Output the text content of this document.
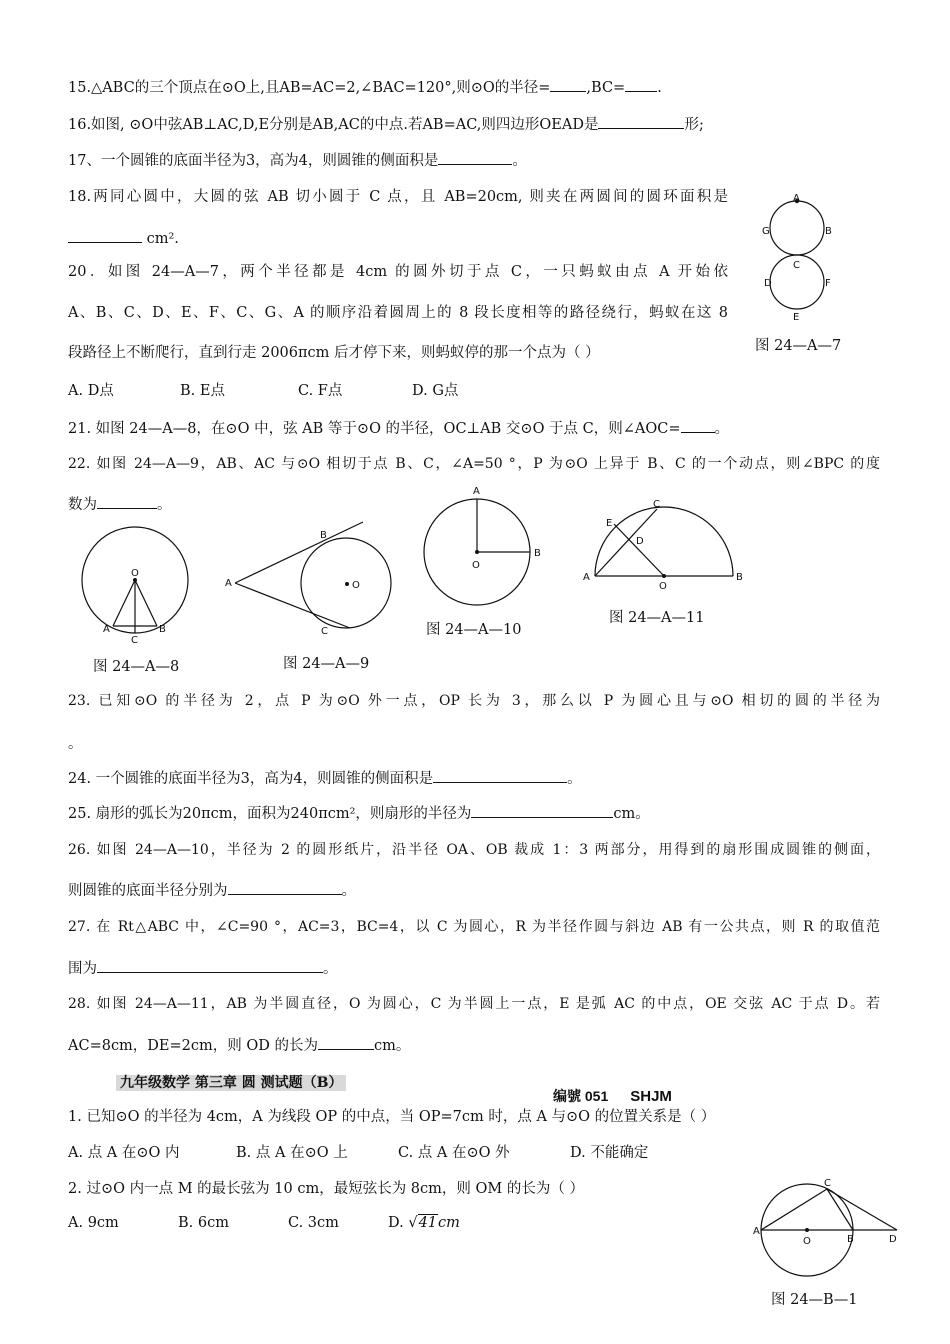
15.△ABC的三个顶点在⊙O上,且AB=AC=2,∠BAC=120°,则⊙O的半径= ,BC= .
16.如图, ⊙O中弦AB⊥AC,D,E分别是AB,AC的中点.若AB=AC,则四边形OEAD是	形;
17、一个圆锥的底面半径为3，高为4，则圆锥的侧面积是	。
18.两同心圆中，大圆的弦 AB 切小圆于 C 点，且 AB=20cm, 则夹在两圆间的圆环面积是
cm².
A
B
G
C
D	F
E
图 24—A—7
20．如图 24—A—7，两个半径都是 4cm 的圆外切于点 C，一只蚂蚁由点 A 开始依
A、B、C、D、E、F、C、G、A 的顺序沿着圆周上的 8 段长度相等的路径绕行，蚂蚁在这 8
段路径上不断爬行，直到行走 2006πcm 后才停下来，则蚂蚁停的那一个点为（ ）
A. D点	B. E点	C. F点	D. G点
21. 如图 24—A—8，在⊙O 中，弦 AB 等于⊙O 的半径，OC⊥AB 交⊙O 于点 C，则∠AOC= 。
22. 如图 24—A—9，AB、AC 与⊙O 相切于点 B、C，∠A=50 °，P 为⊙O 上异于 B、C 的一个动点，则∠BPC 的度
数为	。
O
A	B
C
图 24—A—8
A
B
O
C
图 24—A—9
A
O
B
图 24—A—10
C
E
D
A
O
B
图 24—A—11
23. 已知⊙O 的半径为 2，点 P 为⊙O 外一点，OP 长为 3，那么以 P 为圆心且与⊙O 相切的圆的半径为
。
24. 一个圆锥的底面半径为3，高为4，则圆锥的侧面积是	。
25. 扇形的弧长为20πcm，面积为240πcm²，则扇形的半径为	cm。
26. 如图 24—A—10，半径为 2 的圆形纸片，沿半径 OA、OB 裁成 1：3 两部分，用得到的扇形围成圆锥的侧面，
则圆锥的底面半径分别为	。
27. 在 Rt△ABC 中，∠C=90 °，AC=3，BC=4，以 C 为圆心，R 为半径作圆与斜边 AB 有一公共点，则 R 的取值范
围为	。
28. 如图 24—A—11，AB 为半圆直径，O 为圆心，C 为半圆上一点，E 是弧 AC 的中点，OE 交弦 AC 于点 D。若
AC=8cm，DE=2cm，则 OD 的长为	cm。
九年级数学 第三章 圆 测试题（B）
编號 051 SHJM
1. 已知⊙O 的半径为 4cm，A 为线段 OP 的中点，当 OP=7cm 时，点 A 与⊙O 的位置关系是（ ）
A. 点 A 在⊙O 内	B. 点 A 在⊙O 上	C. 点 A 在⊙O 外	D. 不能确定
2. 过⊙O 内一点 M 的最长弦为 10 cm，最短弦长为 8cm，则 OM 的长为（ ）
A. 9cm	B. 6cm	C. 3cm	D. √41cm
C
A
O	B	D
图 24—B—1
